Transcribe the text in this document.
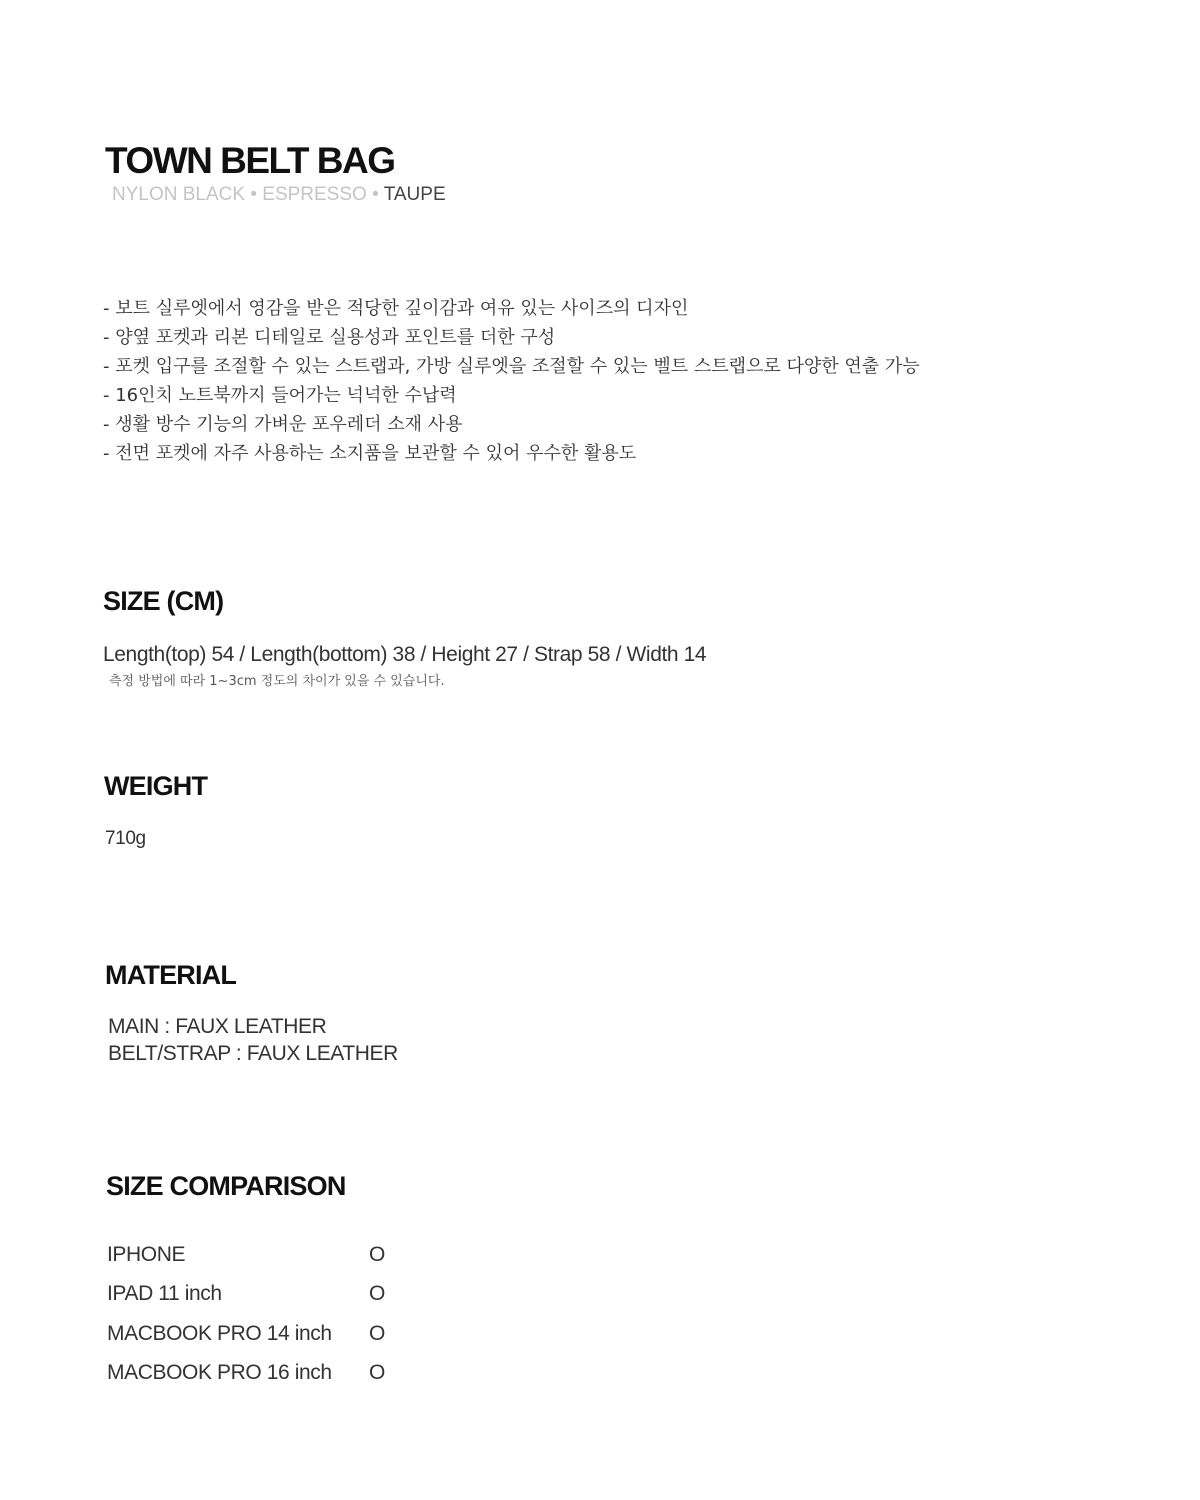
TOWN BELT BAG
NYLON BLACK • ESPRESSO • TAUPE
- 보트 실루엣에서 영감을 받은 적당한 깊이감과 여유 있는 사이즈의 디자인
- 양옆 포켓과 리본 디테일로 실용성과 포인트를 더한 구성
- 포켓 입구를 조절할 수 있는 스트랩과, 가방 실루엣을 조절할 수 있는 벨트 스트랩으로 다양한 연출 가능
- 16인치 노트북까지 들어가는 넉넉한 수납력
- 생활 방수 기능의 가벼운 포우레더 소재 사용
- 전면 포켓에 자주 사용하는 소지품을 보관할 수 있어 우수한 활용도
SIZE (CM)
Length(top) 54 / Length(bottom) 38 / Height 27 / Strap 58 / Width 14
측정 방법에 따라 1~3cm 정도의 차이가 있을 수 있습니다.
WEIGHT
710g
MATERIAL
MAIN : FAUX LEATHER
BELT/STRAP : FAUX LEATHER
SIZE COMPARISON
IPHONE	O
IPAD 11 inch	O
MACBOOK PRO 14 inch	O
MACBOOK PRO 16 inch	O
